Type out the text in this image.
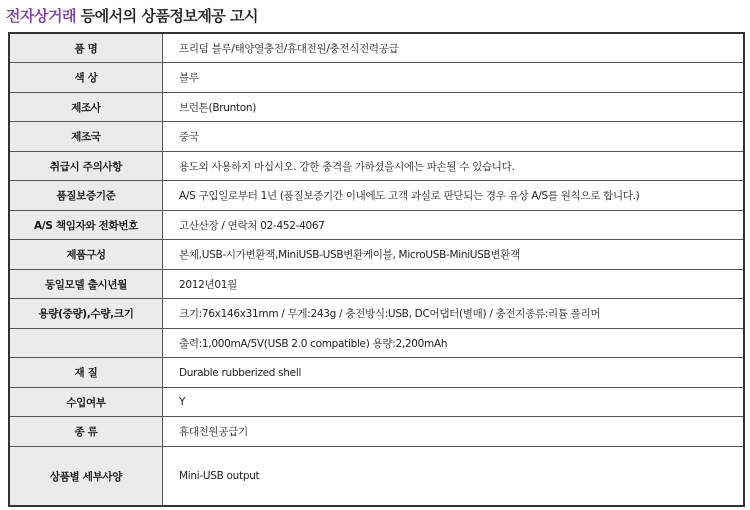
전자상거래 등에서의 상품정보제공 고시
품 명	프리덤 블루/태양열충전/휴대전원/충전식전력공급
색 상	블루
제조사	브런톤(Brunton)
제조국	중국
취급시 주의사항	용도외 사용하지 마십시오. 강한 충격을 가하셨을시에는 파손될 수 있습니다.
품질보증기준	A/S 구입일로부터 1년 (품질보증기간 이내에도 고객 과실로 판단되는 경우 유상 A/S를 원칙으로 합니다.)
A/S 책임자와 전화번호	고산산장 / 연락처 02-452-4067
제품구성	본체,USB-시가변환잭,MiniUSB-USB변환케이블, MicroUSB-MiniUSB변환잭
동일모델 출시년월	2012년01월
용량(중량),수량,크기	크기:76x146x31mm / 무게:243g / 충전방식:USB, DC어댑터(별매) / 충전지종류:리튬 폴리머
	출력:1,000mA/5V(USB 2.0 compatible) 용량:2,200mAh
재 질	Durable rubberized shell
수입여부	Y
종 류	휴대전원공급기
상품별 세부사양	Mini-USB output
